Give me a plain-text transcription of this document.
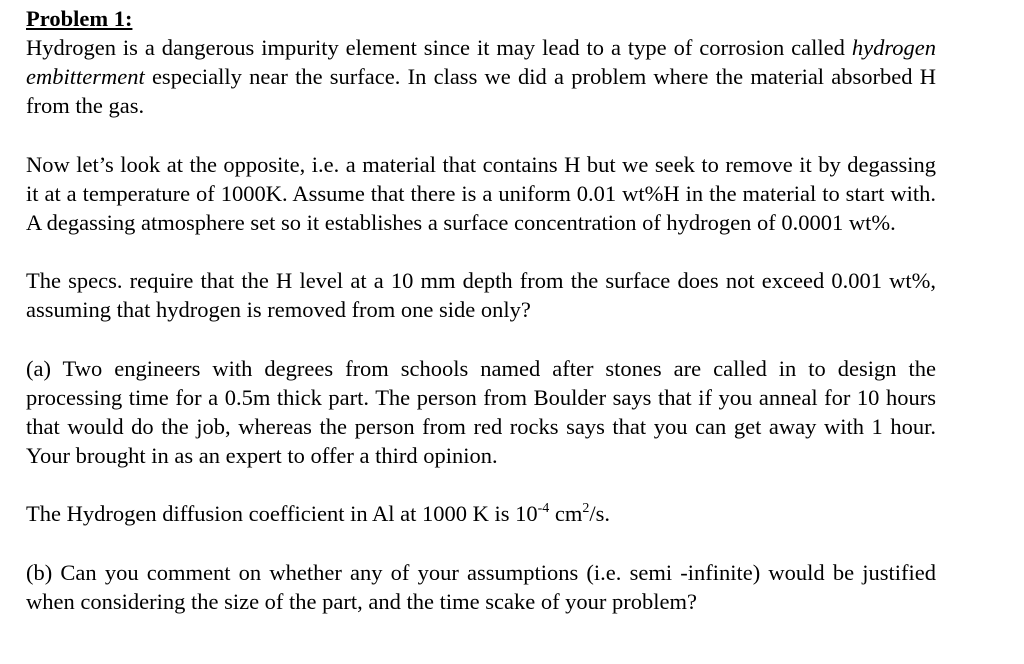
Problem 1:

Hydrogen is a dangerous impurity element since it may lead to a type of corrosion called hydrogen embitterment especially near the surface. In class we did a problem where the material absorbed H from the gas.

Now let’s look at the opposite, i.e. a material that contains H but we seek to remove it by degassing it at a temperature of 1000K. Assume that there is a uniform 0.01 wt%H in the material to start with. A degassing atmosphere set so it establishes a surface concentration of hydrogen of 0.0001 wt%.

The specs. require that the H level at a 10 mm depth from the surface does not exceed 0.001 wt%, assuming that hydrogen is removed from one side only?

(a) Two engineers with degrees from schools named after stones are called in to design the processing time for a 0.5m thick part. The person from Boulder says that if you anneal for 10 hours that would do the job, whereas the person from red rocks says that you can get away with 1 hour. Your brought in as an expert to offer a third opinion.

The Hydrogen diffusion coefficient in Al at 1000 K is $10^{-4}$ $cm^2/s$.

(b) Can you comment on whether any of your assumptions (i.e. semi -infinite) would be justified when considering the size of the part, and the time scake of your problem?
